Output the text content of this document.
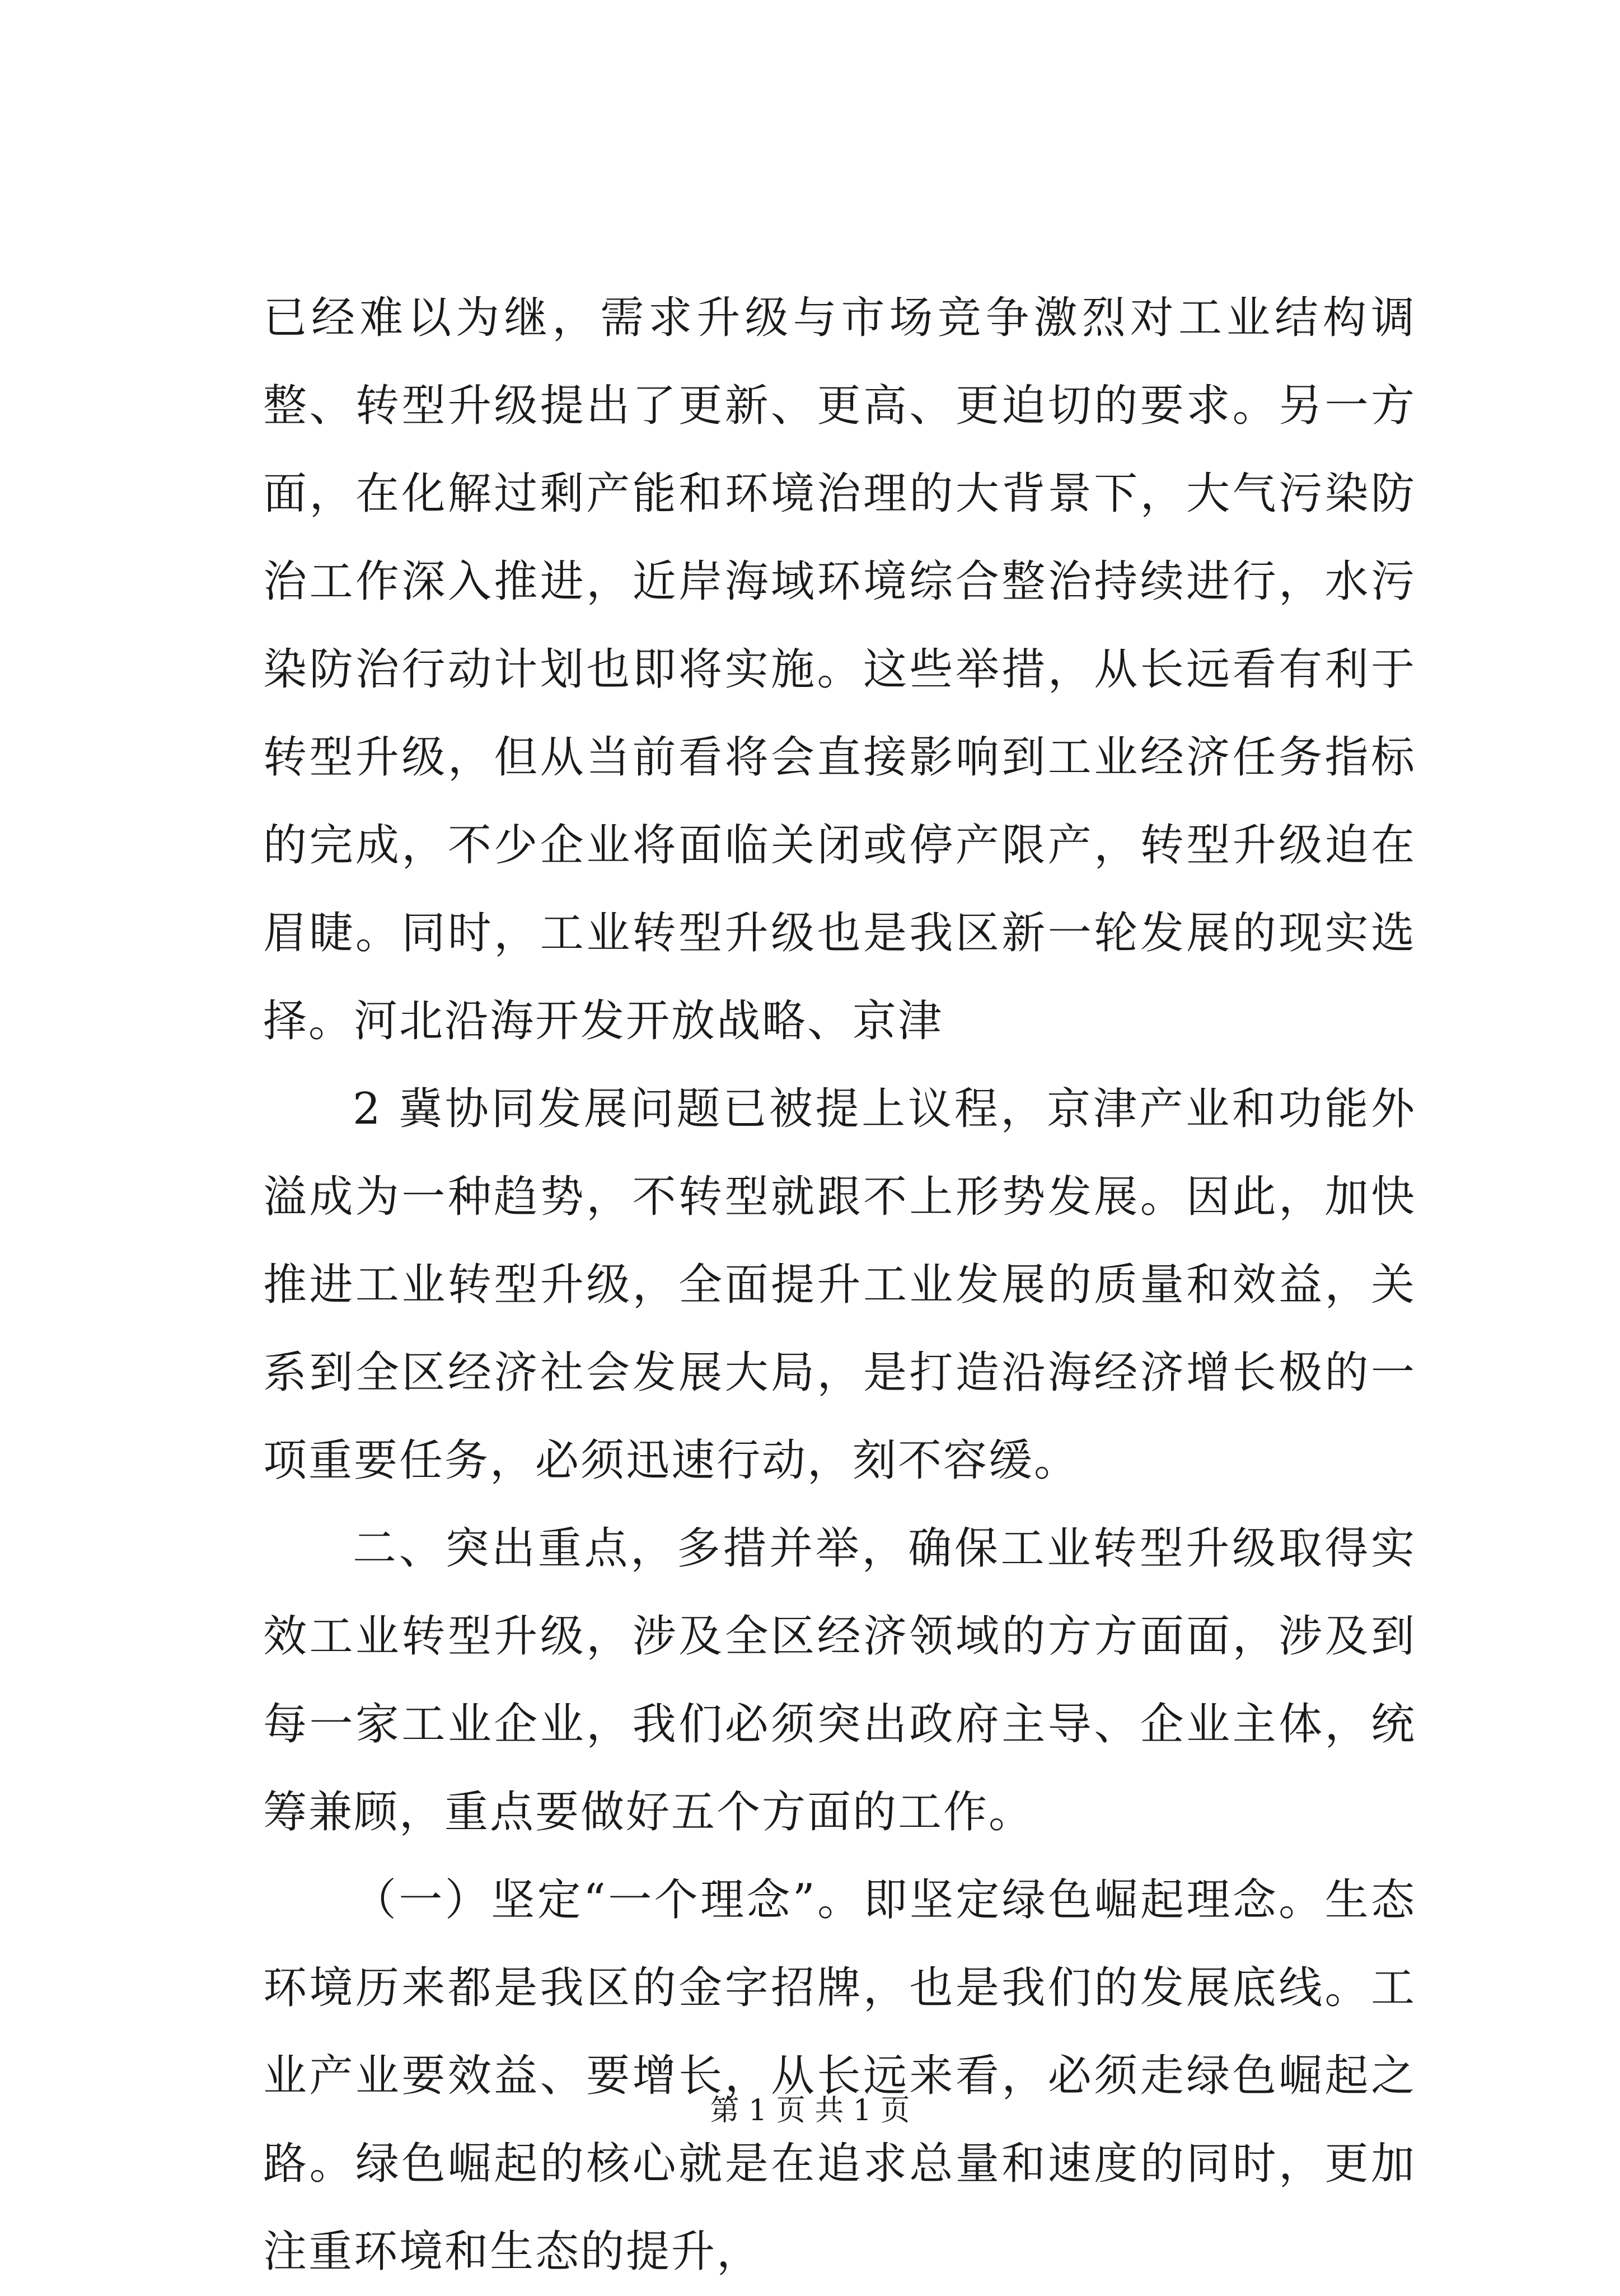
已经难以为继，需求升级与市场竞争激烈对工业结构调整、转型升级提出了更新、更高、更迫切的要求。另一方面，在化解过剩产能和环境治理的大背景下，大气污染防治工作深入推进，近岸海域环境综合整治持续进行，水污染防治行动计划也即将实施。这些举措，从长远看有利于转型升级，但从当前看将会直接影响到工业经济任务指标的完成，不少企业将面临关闭或停产限产，转型升级迫在眉睫。同时，工业转型升级也是我区新一轮发展的现实选择。河北沿海开发开放战略、京津

2 冀协同发展问题已被提上议程，京津产业和功能外溢成为一种趋势，不转型就跟不上形势发展。因此，加快推进工业转型升级，全面提升工业发展的质量和效益，关系到全区经济社会发展大局，是打造沿海经济增长极的一项重要任务，必须迅速行动，刻不容缓。

二、突出重点，多措并举，确保工业转型升级取得实效工业转型升级，涉及全区经济领域的方方面面，涉及到每一家工业企业，我们必须突出政府主导、企业主体，统筹兼顾，重点要做好五个方面的工作。

（一）坚定“一个理念”。即坚定绿色崛起理念。生态环境历来都是我区的金字招牌，也是我们的发展底线。工业产业要效益、要增长，从长远来看，必须走绿色崛起之路。绿色崛起的核心就是在追求总量和速度的同时，更加注重环境和生态的提升，

第 1 页 共 1 页
